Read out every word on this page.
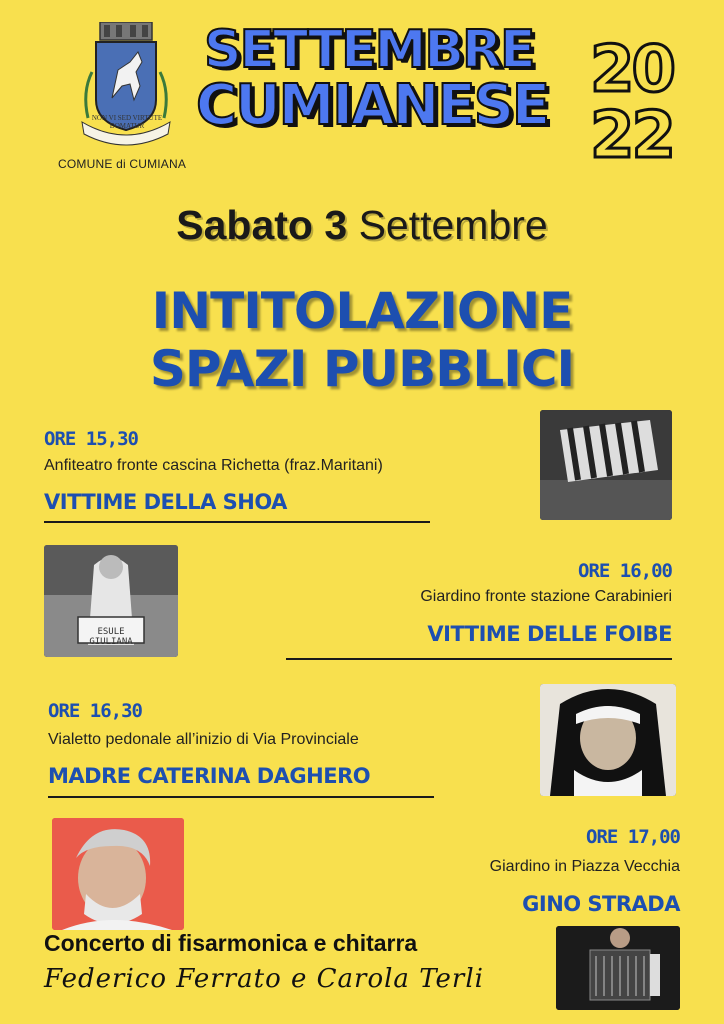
NON VI SED VIRTUTE DOMATUR
COMUNE di CUMIANA
SETTEMBRE
CUMIANESE 20
22
Sabato 3 Settembre
INTITOLAZIONE
SPAZI PUBBLICI
ORE 15,30
Anfiteatro fronte cascina Richetta (fraz.Maritani)
VITTIME DELLA SHOA
ESULE GIULIANA
ORE 16,00
Giardino fronte stazione Carabinieri
VITTIME DELLE FOIBE
ORE 16,30
Vialetto pedonale all’inizio di Via Provinciale
MADRE CATERINA DAGHERO
ORE 17,00
Giardino in Piazza Vecchia
GINO STRADA
Concerto di fisarmonica e chitarra
Federico Ferrato e Carola Terli
